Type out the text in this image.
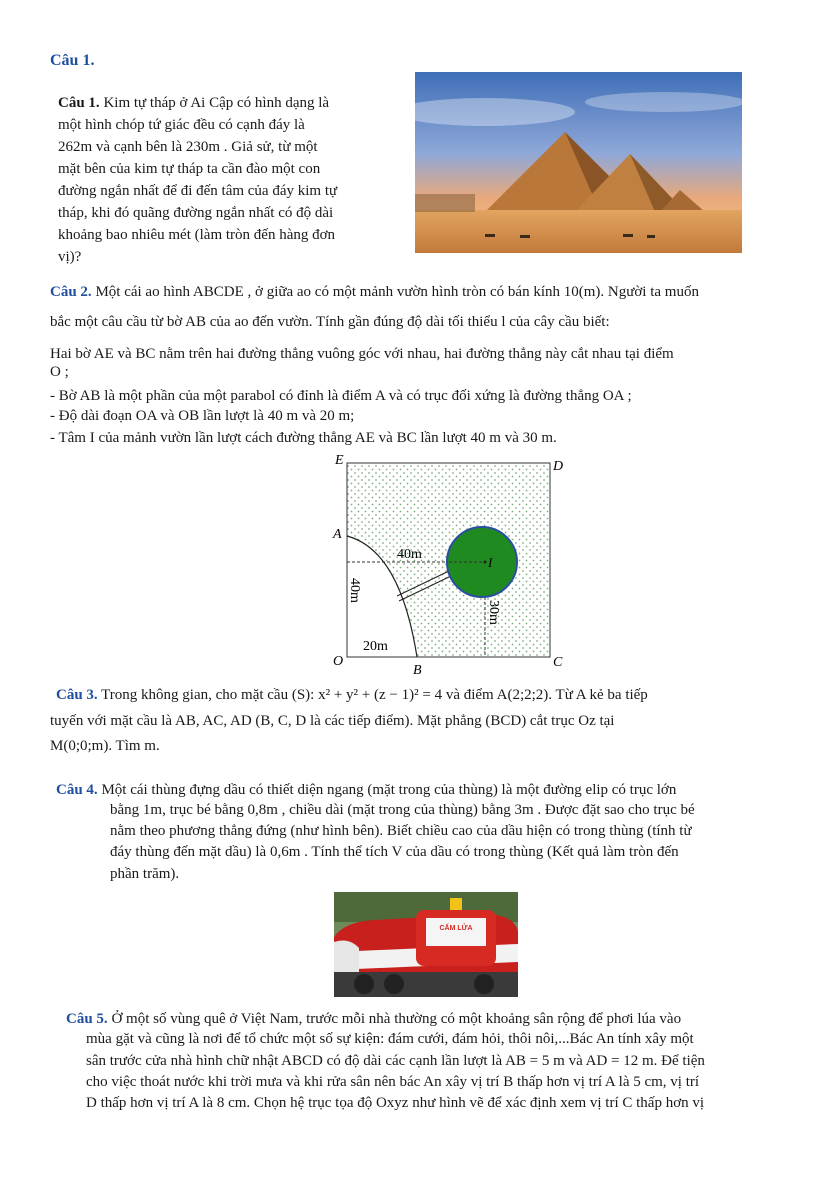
Câu 1.
Câu 1. Kim tự tháp ở Ai Cập có hình dạng là
một hình chóp tứ giác đều có cạnh đáy là
262m và cạnh bên là 230m . Giả sử, từ một
mặt bên của kim tự tháp ta cần đào một con
đường ngắn nhất để đi đến tâm của đáy kim tự
tháp, khi đó quãng đường ngắn nhất có độ dài
khoảng bao nhiêu mét (làm tròn đến hàng đơn
vị)?
Câu 2. Một cái ao hình ABCDE , ở giữa ao có một mảnh vườn hình tròn có bán kính 10(m). Người ta muốn
bắc một câu cầu từ bờ AB của ao đến vườn. Tính gần đúng độ dài tối thiểu l của cây cầu biết:
Hai bờ AE và BC nằm trên hai đường thẳng vuông góc với nhau, hai đường thẳng này cắt nhau tại điểm
O ;
- Bờ AB là một phần của một parabol có đỉnh là điểm A và có trục đối xứng là đường thẳng OA ;
- Độ dài đoạn OA và OB lần lượt là 40 m và 20 m;
- Tâm I của mảnh vườn lần lượt cách đường thẳng AE và BC lần lượt 40 m và 30 m.
E	D
A
O
B
C
I
40m
20m
40m
30m
Câu 3. Trong không gian, cho mặt cầu (S): x² + y² + (z − 1)² = 4 và điểm A(2;2;2). Từ A kẻ ba tiếp
tuyến với mặt cầu là AB, AC, AD (B, C, D là các tiếp điểm). Mặt phẳng (BCD) cắt trục Oz tại
M(0;0;m). Tìm m.
Câu 4. Một cái thùng đựng dầu có thiết diện ngang (mặt trong của thùng) là một đường elip có trục lớn
bằng 1m, trục bé bằng 0,8m , chiều dài (mặt trong của thùng) bằng 3m . Được đặt sao cho trục bé
nằm theo phương thẳng đứng (như hình bên). Biết chiều cao của dầu hiện có trong thùng (tính từ
đáy thùng đến mặt dầu) là 0,6m . Tính thể tích V của dầu có trong thùng (Kết quả làm tròn đến
phần trăm).
CẤM LỬA
Câu 5. Ở một số vùng quê ở Việt Nam, trước mỗi nhà thường có một khoảng sân rộng để phơi lúa vào
mùa gặt và cũng là nơi để tổ chức một số sự kiện: đám cưới, đám hỏi, thôi nôi,...Bác An tính xây một
sân trước cửa nhà hình chữ nhật ABCD có độ dài các cạnh lần lượt là AB = 5 m và AD = 12 m. Để tiện
cho việc thoát nước khi trời mưa và khi rửa sân nên bác An xây vị trí B thấp hơn vị trí A là 5 cm, vị trí
D thấp hơn vị trí A là 8 cm. Chọn hệ trục tọa độ Oxyz như hình vẽ để xác định xem vị trí C thấp hơn vị
